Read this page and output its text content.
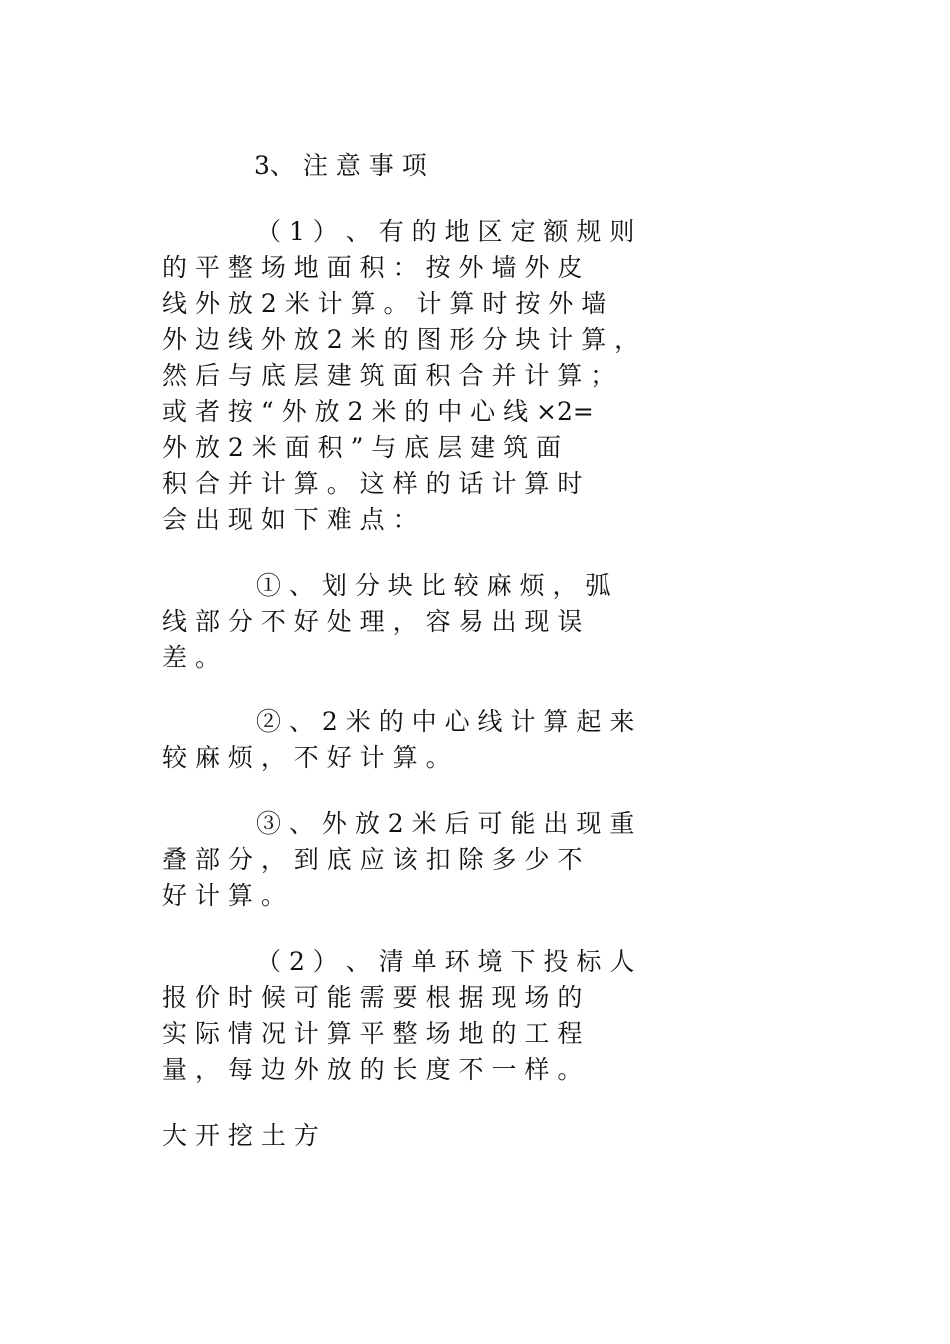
3、 注 意 事 项
（ 1 ） 、 有 的 地 区 定 额 规 则
的 平 整 场 地 面 积 ： 按 外 墙 外 皮
线 外 放 2 米 计 算 。 计 算 时 按 外 墙
外 边 线 外 放 2 米 的 图 形 分 块 计 算 ，
然 后 与 底 层 建 筑 面 积 合 并 计 算 ；
或 者 按 “ 外 放 2 米 的 中 心 线 ×2=
外 放 2 米 面 积 ” 与 底 层 建 筑 面
积 合 并 计 算 。 这 样 的 话 计 算 时
会 出 现 如 下 难 点 ：
① 、 划 分 块 比 较 麻 烦 ， 弧
线 部 分 不 好 处 理 ， 容 易 出 现 误
差 。
② 、 2 米 的 中 心 线 计 算 起 来
较 麻 烦 ， 不 好 计 算 。
③ 、 外 放 2 米 后 可 能 出 现 重
叠 部 分 ， 到 底 应 该 扣 除 多 少 不
好 计 算 。
（ 2 ） 、 清 单 环 境 下 投 标 人
报 价 时 候 可 能 需 要 根 据 现 场 的
实 际 情 况 计 算 平 整 场 地 的 工 程
量 ， 每 边 外 放 的 长 度 不 一 样 。
大 开 挖 土 方
